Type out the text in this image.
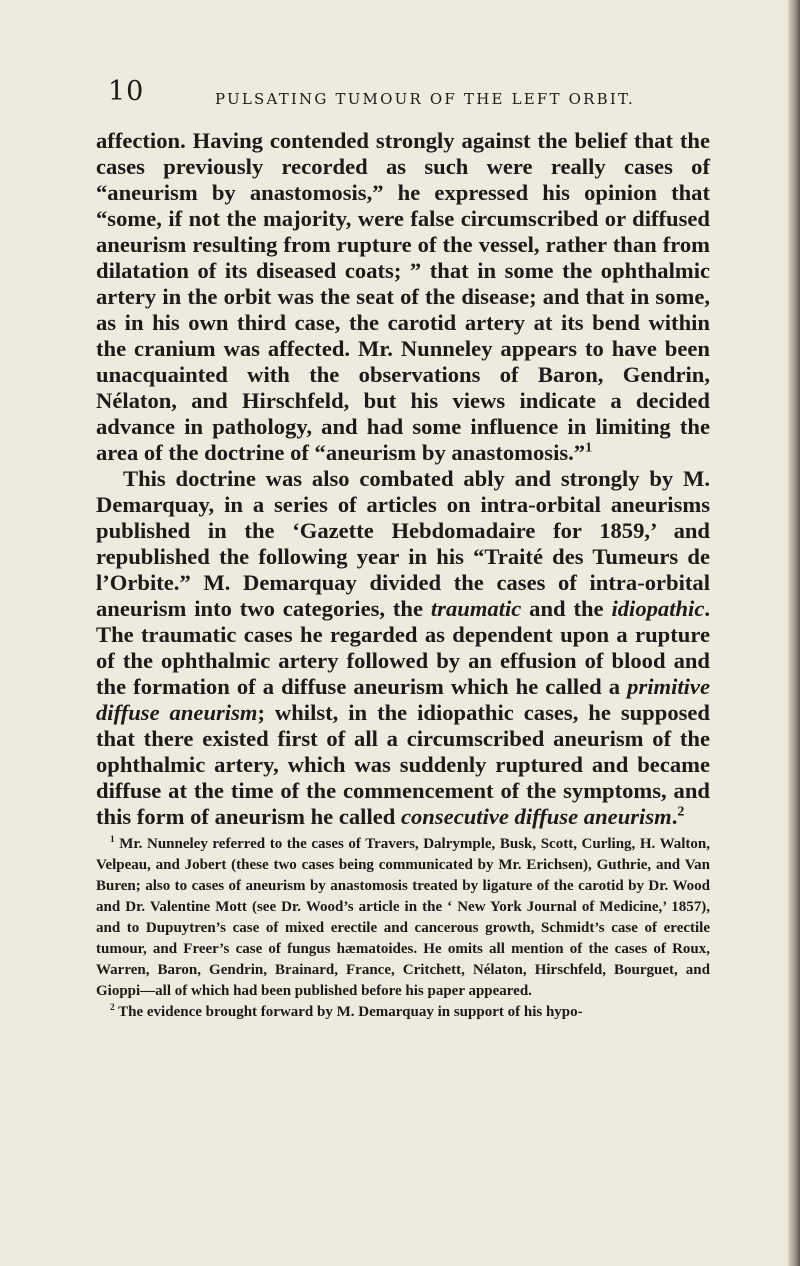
10	PULSATING TUMOUR OF THE LEFT ORBIT.

affection. Having contended strongly against the belief that the cases previously recorded as such were really cases of “aneurism by anastomosis,” he expressed his opinion that “some, if not the majority, were false circumscribed or diffused aneurism resulting from rupture of the vessel, rather than from dilatation of its diseased coats; ” that in some the ophthalmic artery in the orbit was the seat of the disease; and that in some, as in his own third case, the carotid artery at its bend within the cranium was affected. Mr. Nunneley appears to have been unacquainted with the observations of Baron, Gendrin, Nélaton, and Hirschfeld, but his views indicate a decided advance in pathology, and had some influence in limiting the area of the doctrine of “aneurism by anastomosis.”$^1$

This doctrine was also combated ably and strongly by M. Demarquay, in a series of articles on intra-orbital aneurisms published in the ‘Gazette Hebdomadaire for 1859,’ and republished the following year in his “Traité des Tumeurs de l’Orbite.” M. Demarquay divided the cases of intra-orbital aneurism into two categories, the traumatic and the idiopathic. The traumatic cases he regarded as dependent upon a rupture of the ophthalmic artery followed by an effusion of blood and the formation of a diffuse aneurism which he called a primitive diffuse aneurism; whilst, in the idiopathic cases, he supposed that there existed first of all a circumscribed aneurism of the ophthalmic artery, which was suddenly ruptured and became diffuse at the time of the commencement of the symptoms, and this form of aneurism he called consecutive diffuse aneurism.$^2$

$^1$ Mr. Nunneley referred to the cases of Travers, Dalrymple, Busk, Scott, Curling, H. Walton, Velpeau, and Jobert (these two cases being communicated by Mr. Erichsen), Guthrie, and Van Buren; also to cases of aneurism by anastomosis treated by ligature of the carotid by Dr. Wood and Dr. Valentine Mott (see Dr. Wood’s article in the ‘ New York Journal of Medicine,’ 1857), and to Dupuytren’s case of mixed erectile and cancerous growth, Schmidt’s case of erectile tumour, and Freer’s case of fungus hæmatoides. He omits all mention of the cases of Roux, Warren, Baron, Gendrin, Brainard, France, Critchett, Nélaton, Hirschfeld, Bourguet, and Gioppi—all of which had been published before his paper appeared.

$^2$ The evidence brought forward by M. Demarquay in support of his hypo-
